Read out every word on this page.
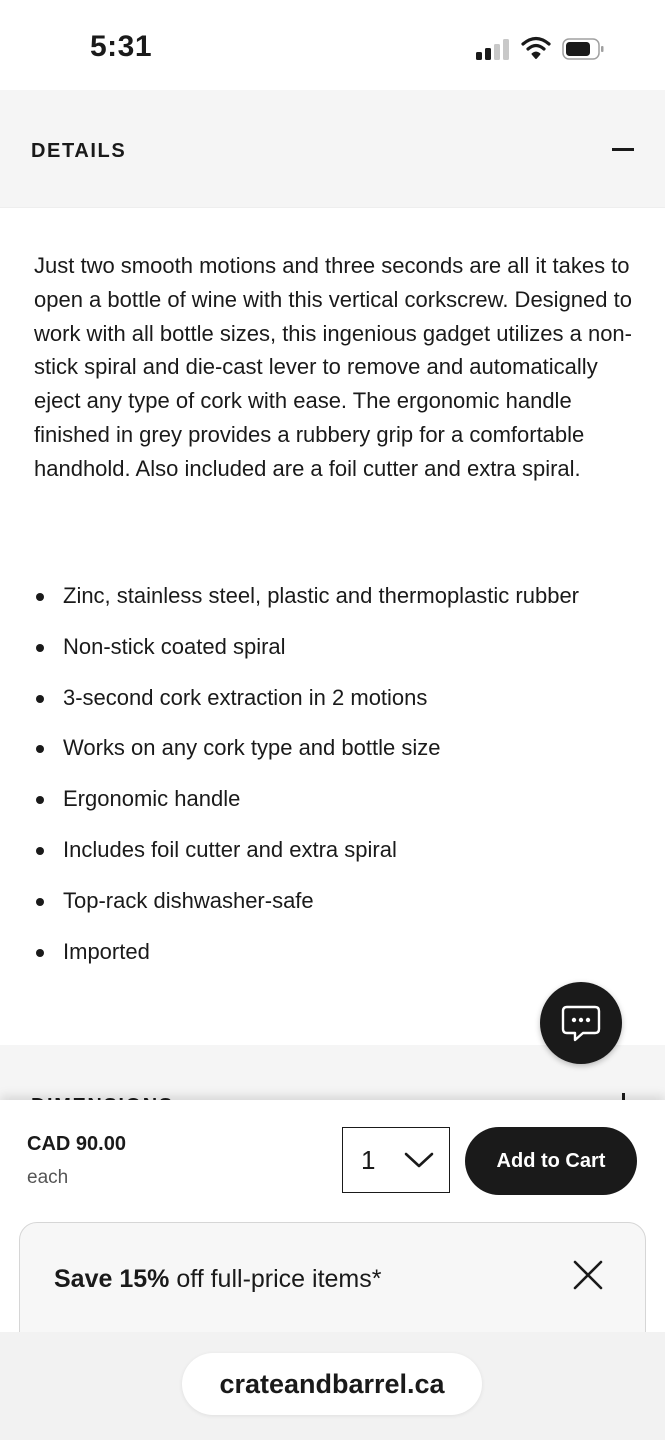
5:31
DETAILS

Just two smooth motions and three seconds are all it takes to open a bottle of wine with this vertical corkscrew. Designed to work with all bottle sizes, this ingenious gadget utilizes a non-stick spiral and die-cast lever to remove and automatically eject any type of cork with ease. The ergonomic handle finished in grey provides a rubbery grip for a comfortable handhold. Also included are a foil cutter and extra spiral.

Zinc, stainless steel, plastic and thermoplastic rubber
Non-stick coated spiral
3-second cork extraction in 2 motions
Works on any cork type and bottle size
Ergonomic handle
Includes foil cutter and extra spiral
Top-rack dishwasher-safe
Imported
CAD 90.00
each
1	Add to Cart
Save 15% off full-price items*
crateandbarrel.ca
